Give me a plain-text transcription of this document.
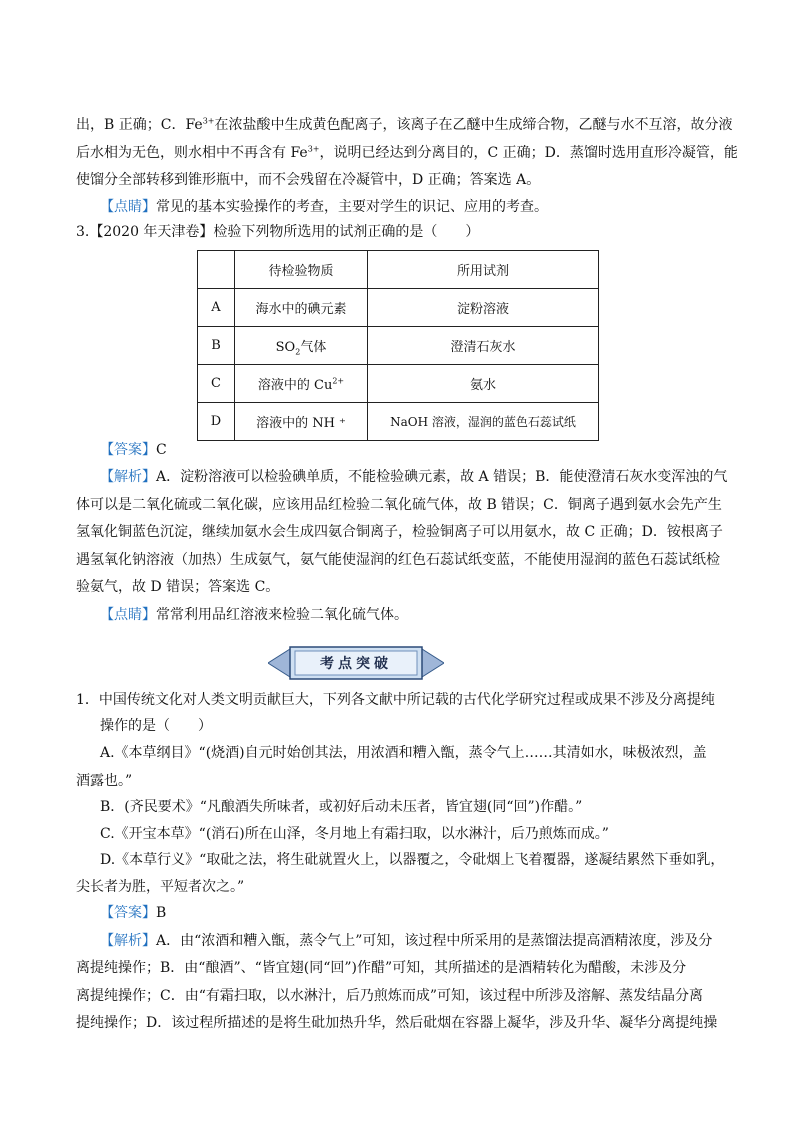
出，B 正确；C．$Fe^{3+}$在浓盐酸中生成黄色配离子，该离子在乙醚中生成缔合物，乙醚与水不互溶，故分液
后水相为无色，则水相中不再含有 $Fe^{3+}$，说明已经达到分离目的，C 正确；D．蒸馏时选用直形冷凝管，能
使馏分全部转移到锥形瓶中，而不会残留在冷凝管中，D 正确；答案选 A。
【点睛】常见的基本实验操作的考查，主要对学生的识记、应用的考查。
3.【2020 年天津卷】检验下列物所选用的试剂正确的是（　　）
	待检验物质	所用试剂
A	海水中的碘元素	淀粉溶液
B	$SO_2$气体	澄清石灰水
C	溶液中的 $Cu^{2+}$	氨水
D	溶液中的 NH ⁺	NaOH 溶液，湿润的蓝色石蕊试纸
【答案】C
【解析】A．淀粉溶液可以检验碘单质，不能检验碘元素，故 A 错误；B．能使澄清石灰水变浑浊的气
体可以是二氧化硫或二氧化碳，应该用品红检验二氧化硫气体，故 B 错误；C．铜离子遇到氨水会先产生
氢氧化铜蓝色沉淀，继续加氨水会生成四氨合铜离子，检验铜离子可以用氨水，故 C 正确；D．铵根离子
遇氢氧化钠溶液（加热）生成氨气，氨气能使湿润的红色石蕊试纸变蓝，不能使用湿润的蓝色石蕊试纸检
验氨气，故 D 错误；答案选 C。
【点睛】常常利用品红溶液来检验二氧化硫气体。
考点突破
1．中国传统文化对人类文明贡献巨大，下列各文献中所记载的古代化学研究过程或成果不涉及分离提纯
操作的是（　　）
A.《本草纲目》“(烧酒)自元时始创其法，用浓酒和糟入甑，蒸令气上……其清如水，味极浓烈，盖
酒露也。”
B．(齐民要术》“凡酿酒失所味者，或初好后动未压者，皆宜翅(同“回”)作醋。”
C.《开宝本草》“(消石)所在山泽，冬月地上有霜扫取，以水淋汁，后乃煎炼而成。”
D.《本草行义》“取砒之法，将生砒就置火上，以器覆之，令砒烟上飞着覆器，遂凝结累然下垂如乳，
尖长者为胜，平短者次之。”
【答案】B
【解析】A．由“浓酒和糟入甑，蒸令气上”可知，该过程中所采用的是蒸馏法提高酒精浓度，涉及分
离提纯操作；B．由“酿酒”、“皆宜翅(同“回”)作醋”可知，其所描述的是酒精转化为醋酸，未涉及分
离提纯操作；C．由“有霜扫取，以水淋汁，后乃煎炼而成”可知，该过程中所涉及溶解、蒸发结晶分离
提纯操作；D．该过程所描述的是将生砒加热升华，然后砒烟在容器上凝华，涉及升华、凝华分离提纯操
